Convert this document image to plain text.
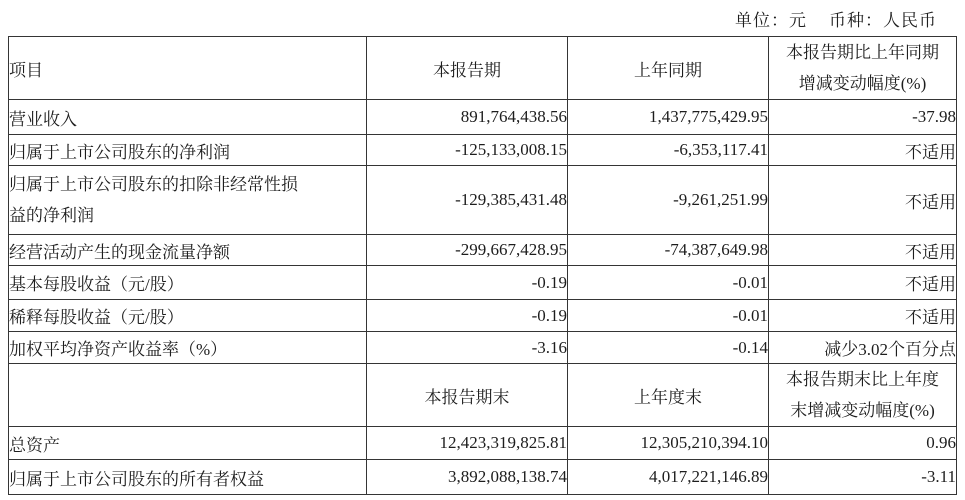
单位：元 币种：人民币
项目	本报告期	上年同期	本报告期比上年同期
增减变动幅度(%)

营业收入	891,764,438.56	1,437,775,429.95	-37.98
归属于上市公司股东的净利润	-125,133,008.15	-6,353,117.41	不适用

归属于上市公司股东的扣除非经常性损
益的净利润	-129,385,431.48	-9,261,251.99	不适用
经营活动产生的现金流量净额	-299,667,428.95	-74,387,649.98	不适用
基本每股收益（元/股）	-0.19	-0.01	不适用
稀释每股收益（元/股）	-0.19	-0.01	不适用
加权平均净资产收益率（%）	-3.16	-0.14	减少3.02个百分点
	本报告期末	上年度末	本报告期末比上年度
末增减变动幅度(%)

总资产	12,423,319,825.81	12,305,210,394.10	0.96
归属于上市公司股东的所有者权益	3,892,088,138.74	4,017,221,146.89	-3.11
